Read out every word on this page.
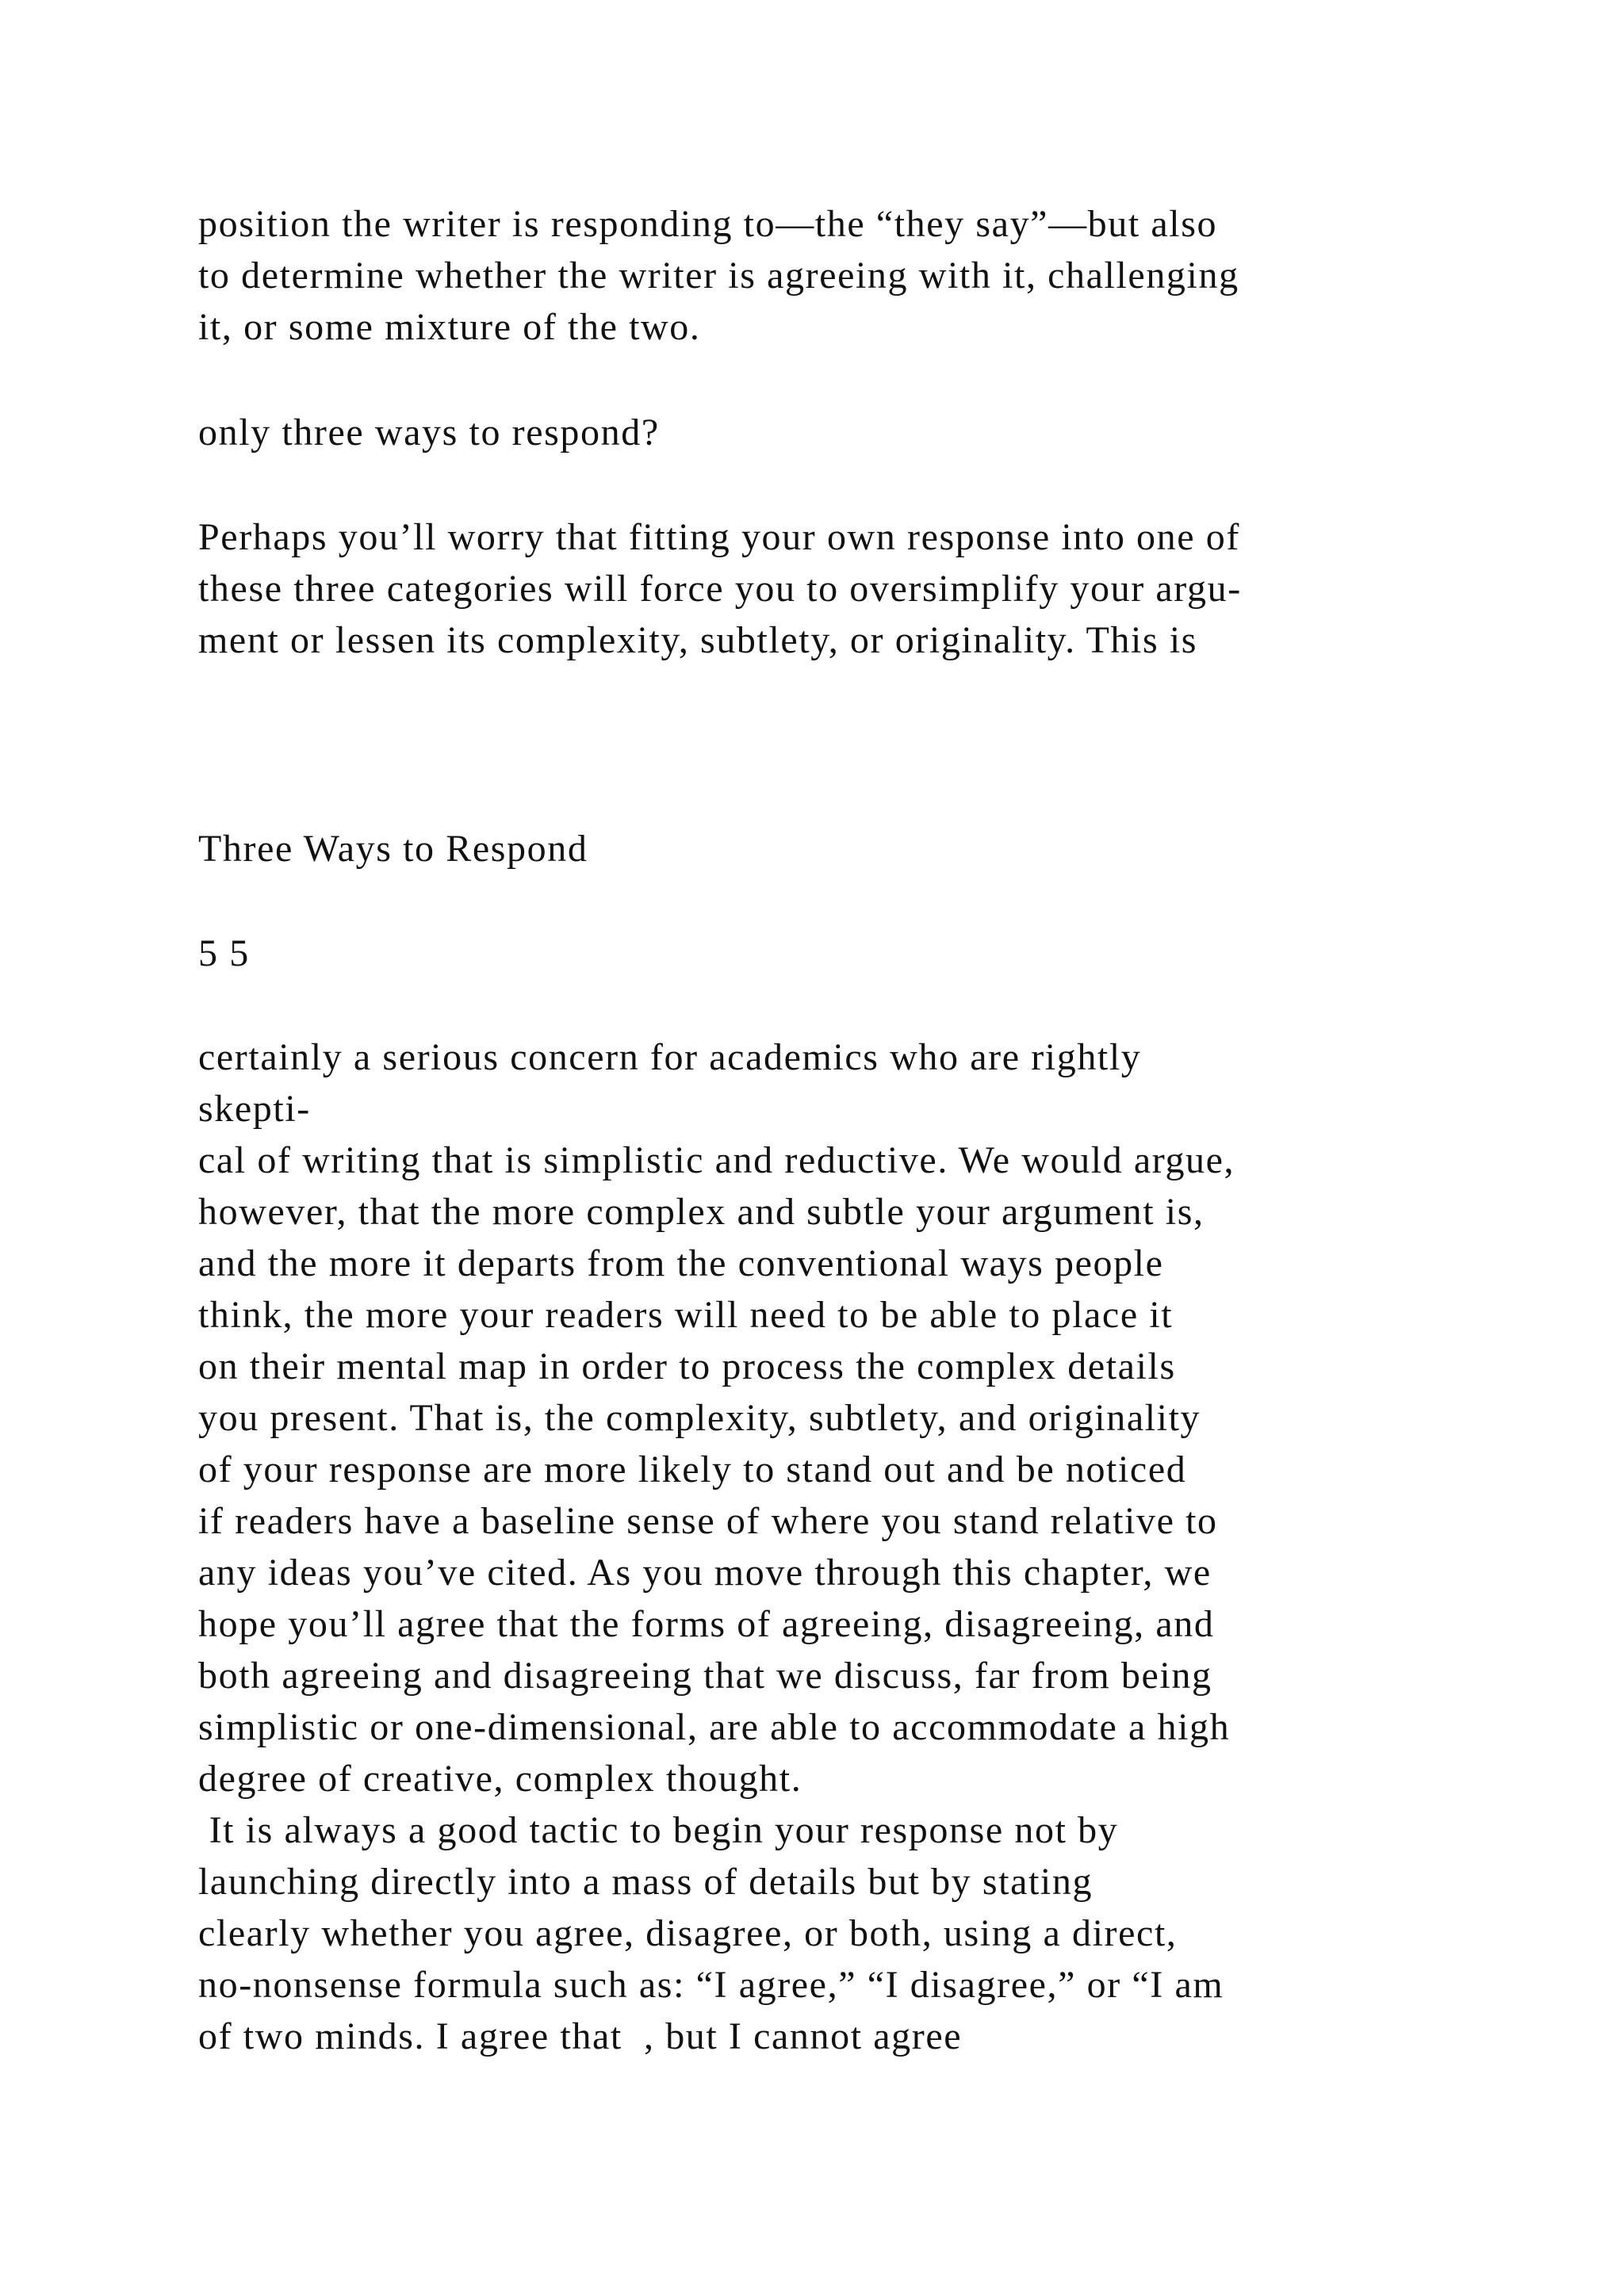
position the writer is responding to—the “they say”—but also
to determine whether the writer is agreeing with it, challenging
it, or some mixture of the two.
only three ways to respond?
Perhaps you’ll worry that fitting your own response into one of
these three categories will force you to oversimplify your argu-
ment or lessen its complexity, subtlety, or originality. This is
Three Ways to Respond
5 5
certainly a serious concern for academics who are rightly
skepti-
cal of writing that is simplistic and reductive. We would argue,
however, that the more complex and subtle your argument is,
and the more it departs from the conventional ways people
think, the more your readers will need to be able to place it
on their mental map in order to process the complex details
you present. That is, the complexity, subtlety, and originality
of your response are more likely to stand out and be noticed
if readers have a baseline sense of where you stand relative to
any ideas you’ve cited. As you move through this chapter, we
hope you’ll agree that the forms of agreeing, disagreeing, and
both agreeing and disagreeing that we discuss, far from being
simplistic or one-dimensional, are able to accommodate a high
degree of creative, complex thought.
It is always a good tactic to begin your response not by
launching directly into a mass of details but by stating
clearly whether you agree, disagree, or both, using a direct,
no-nonsense formula such as: “I agree,” “I disagree,” or “I am
of two minds. I agree that  , but I cannot agree
